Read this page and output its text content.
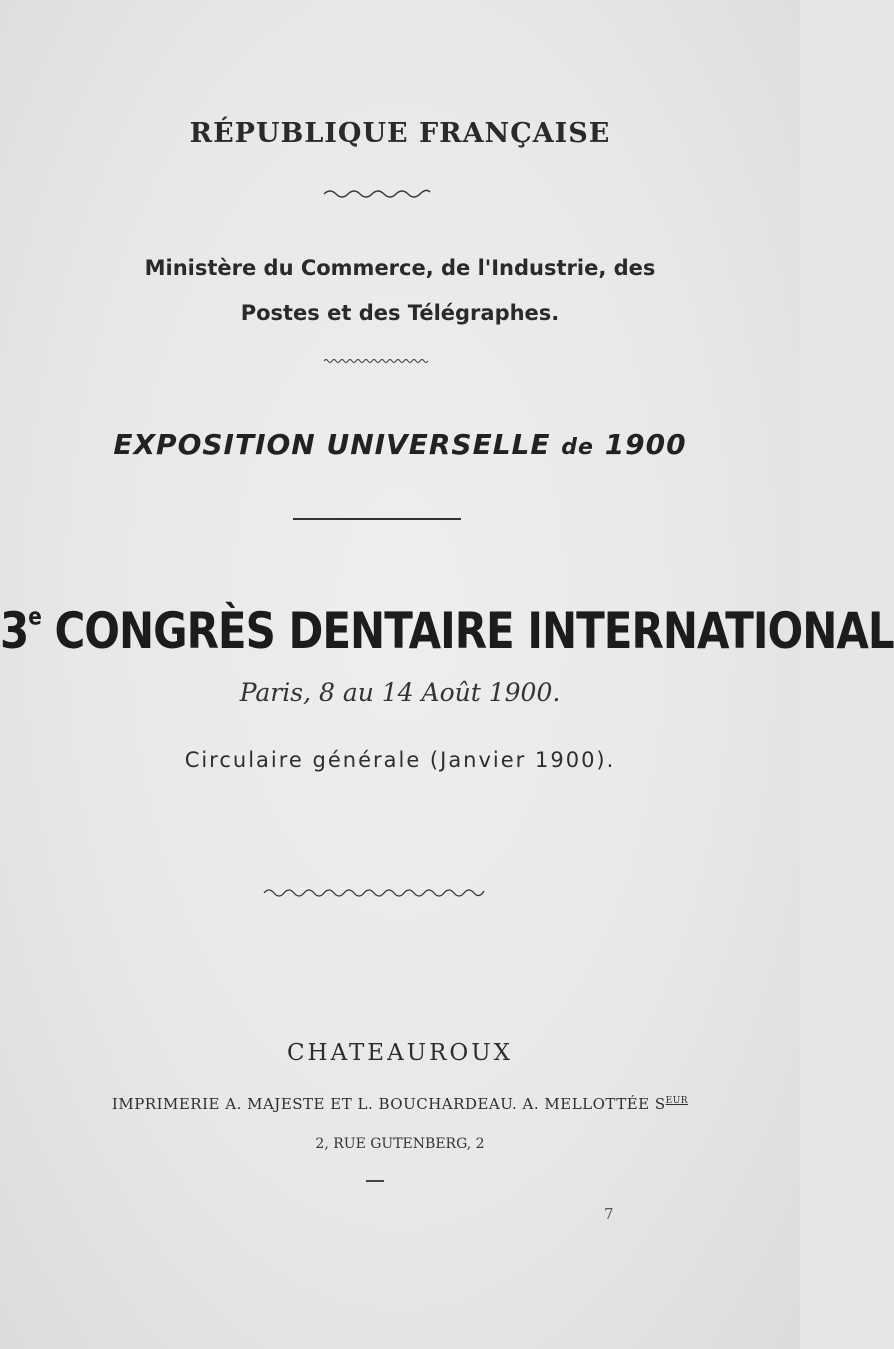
RÉPUBLIQUE FRANÇAISE
Ministère du Commerce, de l'Industrie, des
Postes et des Télégraphes.
EXPOSITION UNIVERSELLE de 1900
3e CONGRÈS DENTAIRE INTERNATIONAL
Paris, 8 au 14 Août 1900.
Circulaire générale (Janvier 1900).
CHATEAUROUX
IMPRIMERIE A. MAJESTE ET L. BOUCHARDEAU. A. MELLOTTÉE $S^{EUR}$
2, RUE GUTENBERG, 2
7
